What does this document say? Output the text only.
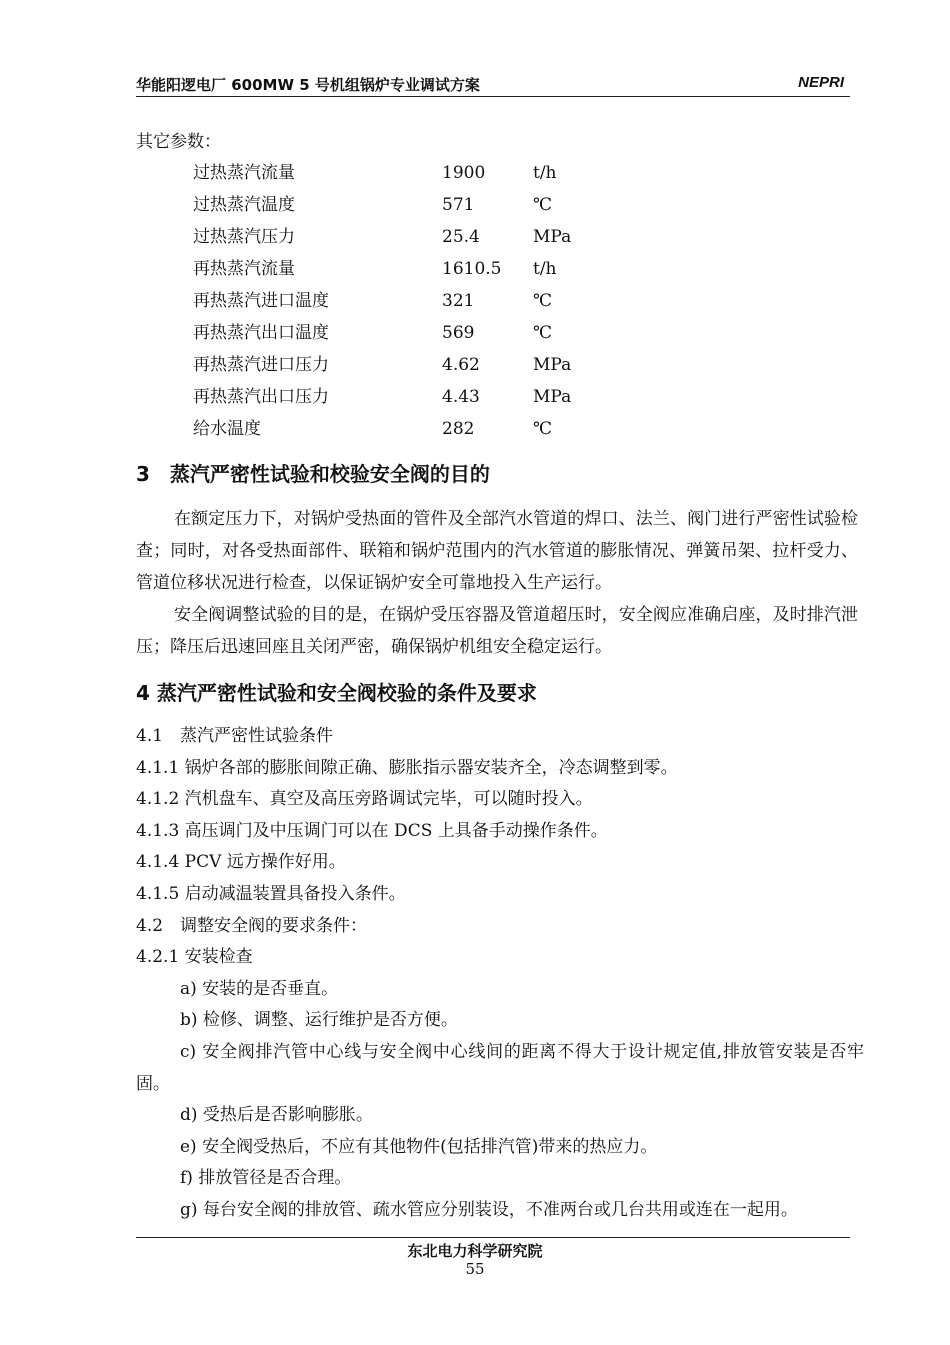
华能阳逻电厂 600MW 5 号机组锅炉专业调试方案	NEPRI
其它参数：
过热蒸汽流量	1900	t/h
过热蒸汽温度	571	℃
过热蒸汽压力	25.4	MPa
再热蒸汽流量	1610.5 t/h
再热蒸汽进口温度	321	℃
再热蒸汽出口温度	569	℃
再热蒸汽进口压力	4.62	MPa
再热蒸汽出口压力	4.43	MPa
给水温度	282	℃
3　蒸汽严密性试验和校验安全阀的目的

在额定压力下，对锅炉受热面的管件及全部汽水管道的焊口、法兰、阀门进行严密性试验检查；同时，对各受热面部件、联箱和锅炉范围内的汽水管道的膨胀情况、弹簧吊架、拉杆受力、管道位移状况进行检查，以保证锅炉安全可靠地投入生产运行。

安全阀调整试验的目的是，在锅炉受压容器及管道超压时，安全阀应准确启座，及时排汽泄压；降压后迅速回座且关闭严密，确保锅炉机组安全稳定运行。

4 蒸汽严密性试验和安全阀校验的条件及要求
4.1　蒸汽严密性试验条件
4.1.1 锅炉各部的膨胀间隙正确、膨胀指示器安装齐全，冷态调整到零。
4.1.2 汽机盘车、真空及高压旁路调试完毕，可以随时投入。
4.1.3 高压调门及中压调门可以在 DCS 上具备手动操作条件。
4.1.4 PCV 远方操作好用。
4.1.5 启动减温装置具备投入条件。
4.2　调整安全阀的要求条件：
4.2.1 安装检查
a) 安装的是否垂直。
b) 检修、调整、运行维护是否方便。
c) 安全阀排汽管中心线与安全阀中心线间的距离不得大于设计规定值,排放管安装是否牢固。
d) 受热后是否影响膨胀。
e) 安全阀受热后，不应有其他物件(包括排汽管)带来的热应力。
f) 排放管径是否合理。
g) 每台安全阀的排放管、疏水管应分别装设，不准两台或几台共用或连在一起用。
东北电力科学研究院
55
